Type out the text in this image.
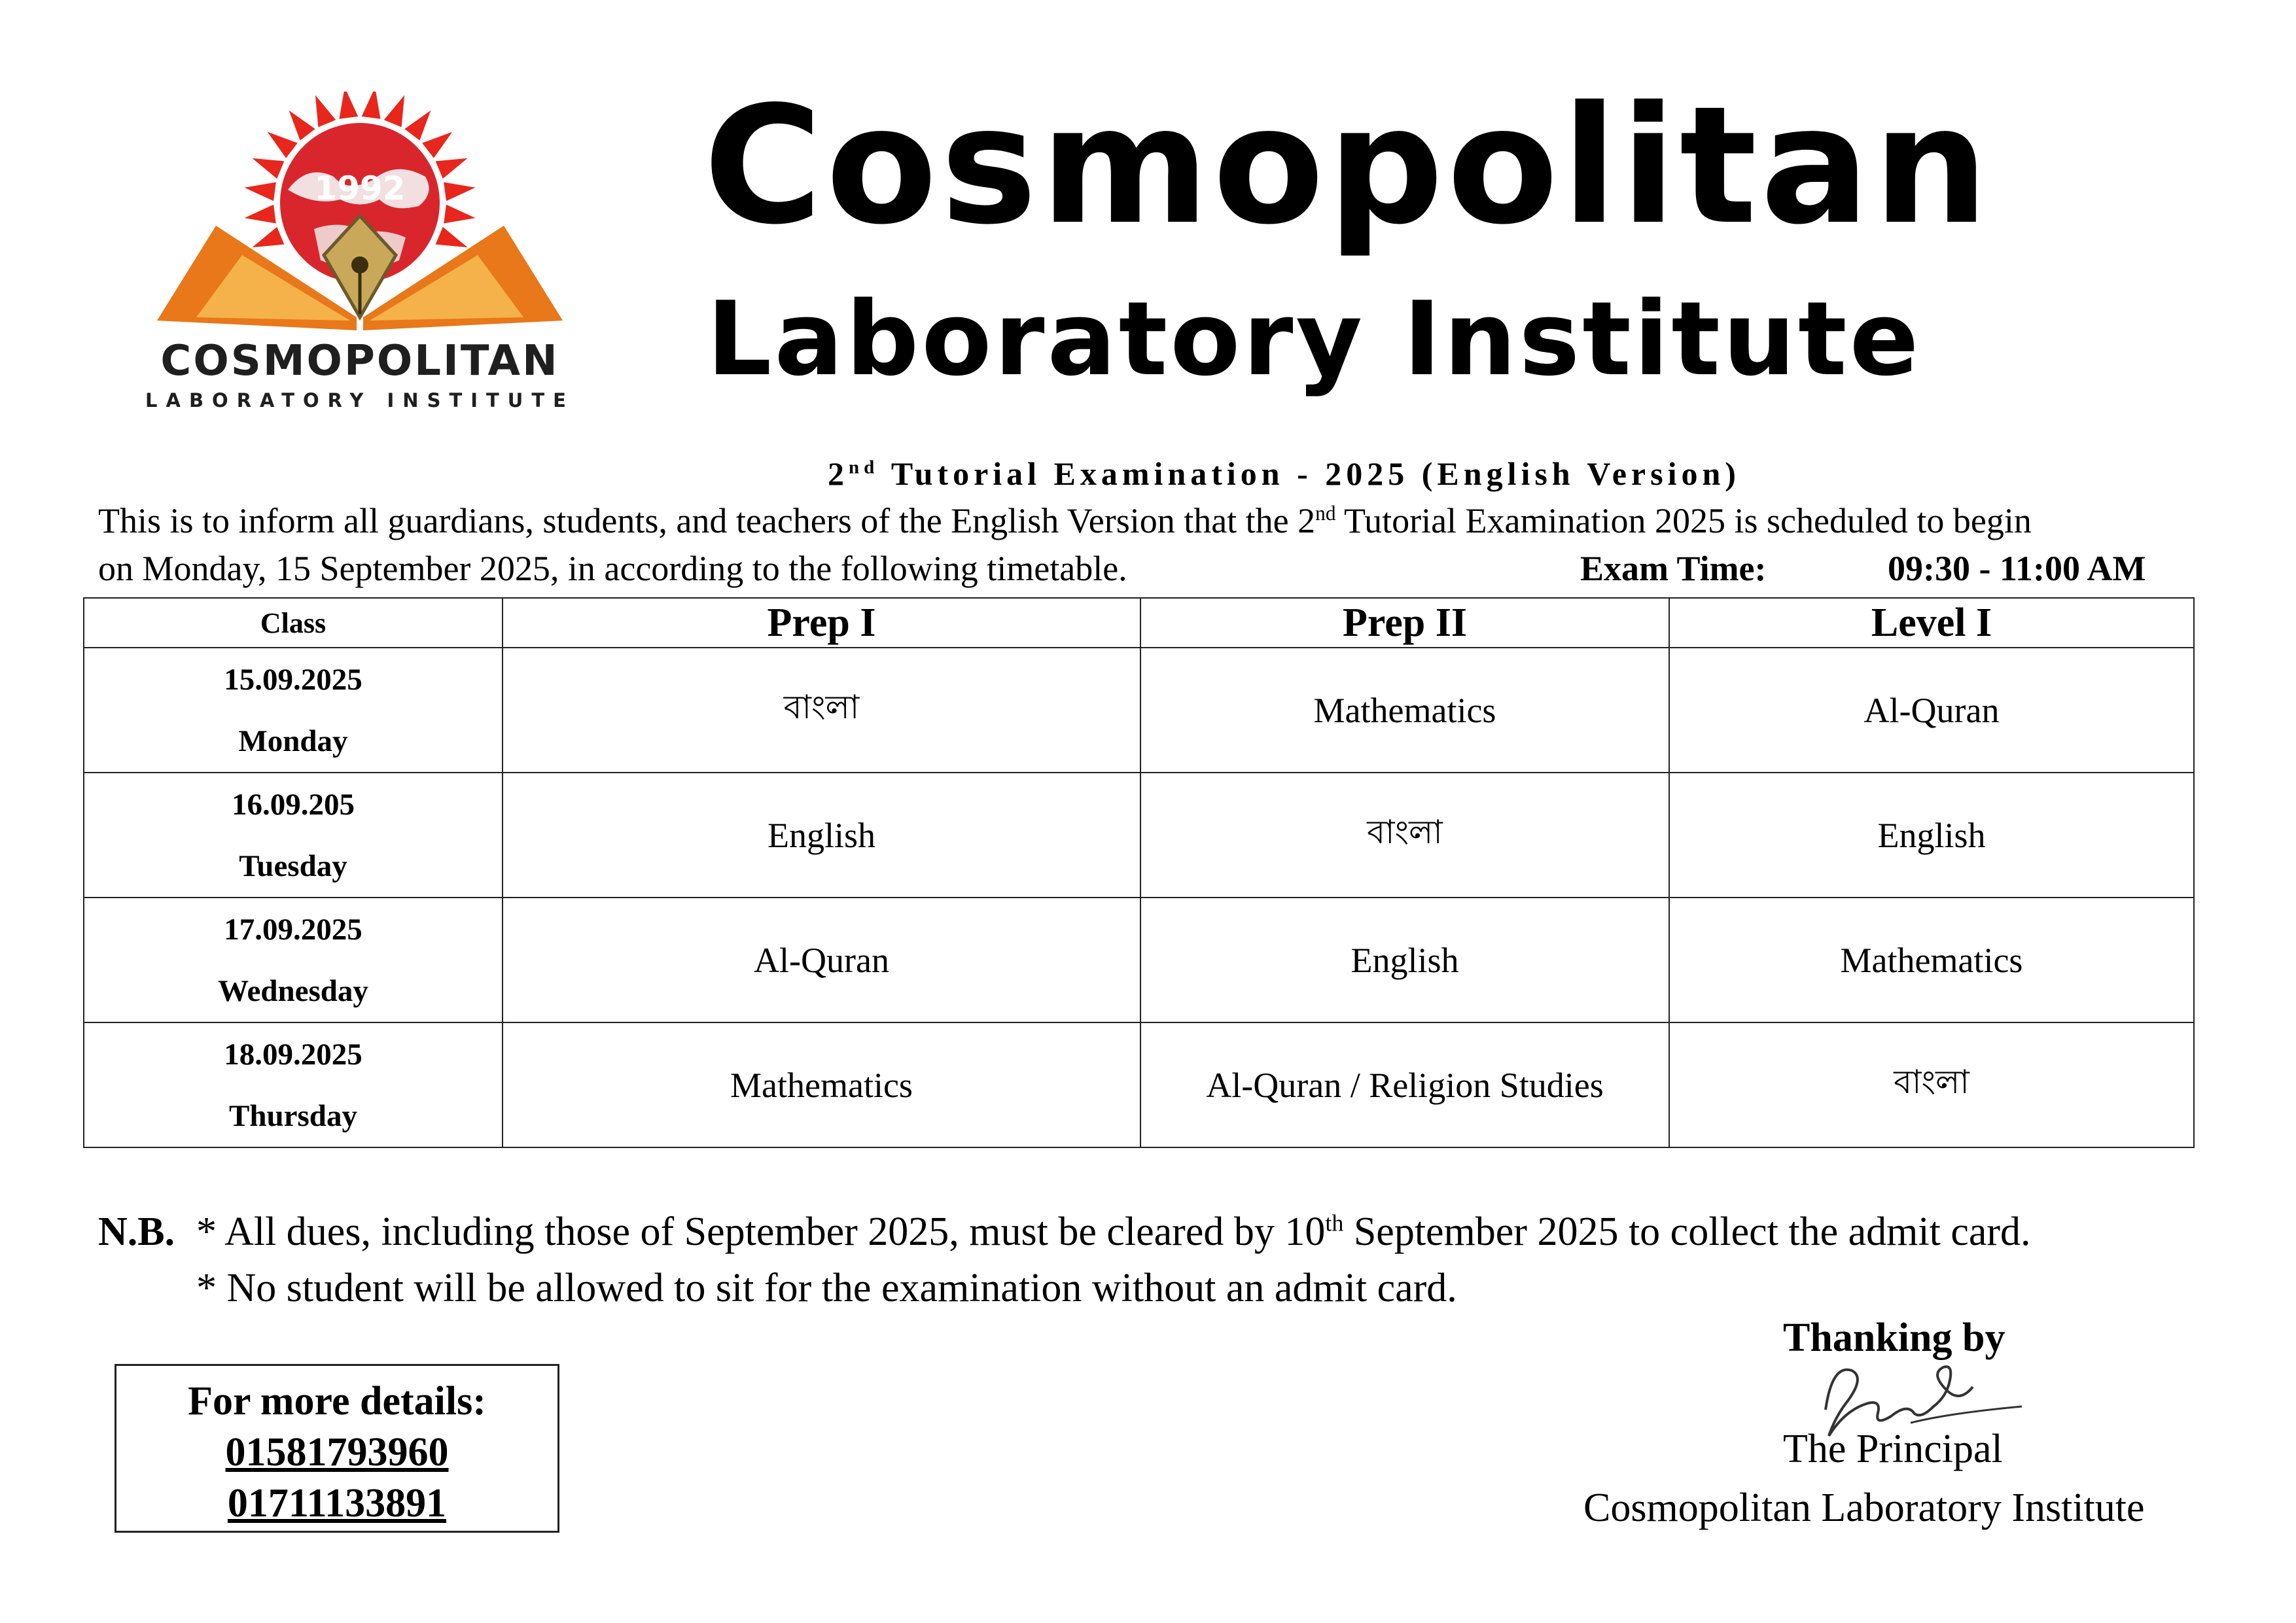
1992
COSMOPOLITAN
LABORATORY INSTITUTE
Cosmopolitan
Laboratory Institute
2nd Tutorial Examination - 2025 (English Version)
This is to inform all guardians, students, and teachers of the English Version that the 2nd Tutorial Examination 2025 is scheduled to begin
on Monday, 15 September 2025, in according to the following timetable.	Exam Time:	09:30 - 11:00 AM
Class	Prep I	Prep II	Level I

15.09.2025
Monday	বাংলা	Mathematics	Al-Quran

16.09.205
Tuesday	English	বাংলা	English

17.09.2025
Wednesday	Al-Quran	English	Mathematics

18.09.2025
Thursday	Mathematics	Al-Quran / Religion Studies	বাংলা
N.B. * All dues, including those of September 2025, must be cleared by 10th September 2025 to collect the admit card.
* No student will be allowed to sit for the examination without an admit card.
For more details:
01581793960
01711133891
Thanking by
The Principal
Cosmopolitan Laboratory Institute
